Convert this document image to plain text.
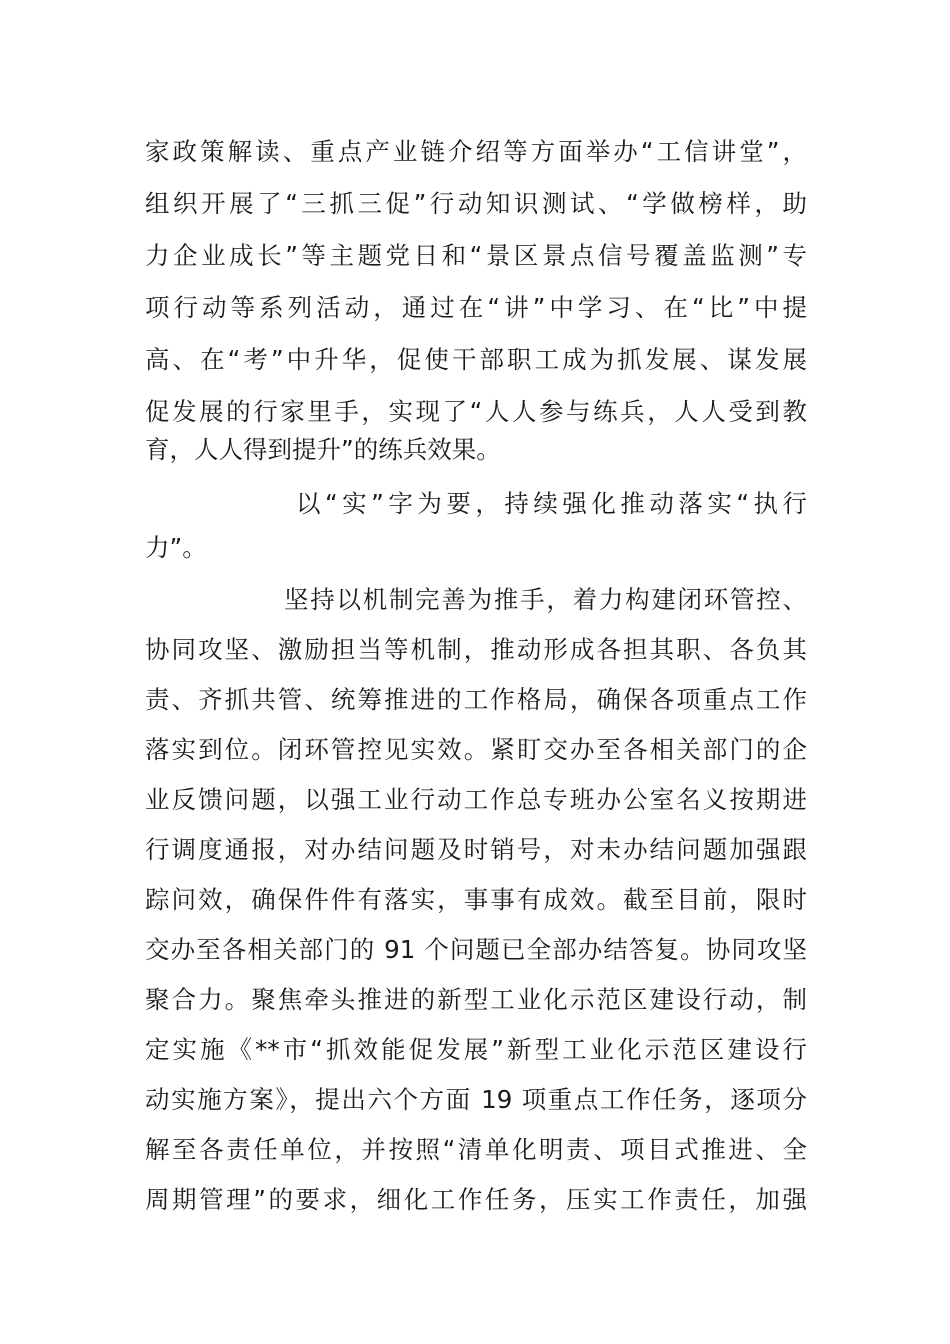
家政策解读、重点产业链介绍等方面举办“工信讲堂”，
组织开展了“三抓三促”行动知识测试、“学做榜样，助
力企业成长”等主题党日和“景区景点信号覆盖监测”专
项行动等系列活动，通过在“讲”中学习、在“比”中提
高、在“考”中升华，促使干部职工成为抓发展、谋发展
促发展的行家里手，实现了“人人参与练兵，人人受到教
育，人人得到提升”的练兵效果。
以“实”字为要，持续强化推动落实“执行
力”。
坚持以机制完善为推手，着力构建闭环管控、
协同攻坚、激励担当等机制，推动形成各担其职、各负其
责、齐抓共管、统筹推进的工作格局，确保各项重点工作
落实到位。闭环管控见实效。紧盯交办至各相关部门的企
业反馈问题，以强工业行动工作总专班办公室名义按期进
行调度通报，对办结问题及时销号，对未办结问题加强跟
踪问效，确保件件有落实，事事有成效。截至目前，限时
交办至各相关部门的 91 个问题已全部办结答复。协同攻坚
聚合力。聚焦牵头推进的新型工业化示范区建设行动，制
定实施《**市“抓效能促发展”新型工业化示范区建设行
动实施方案》，提出六个方面 19 项重点工作任务，逐项分
解至各责任单位，并按照“清单化明责、项目式推进、全
周期管理”的要求，细化工作任务，压实工作责任，加强
